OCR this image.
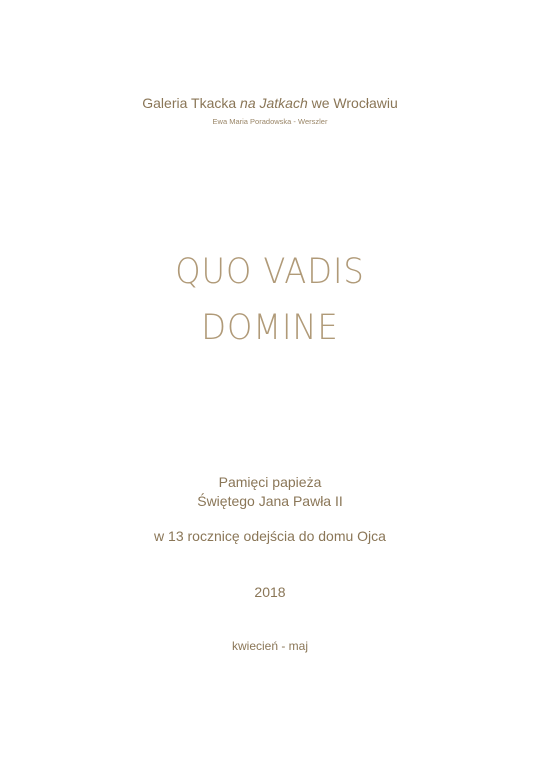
Galeria Tkacka na Jatkach we Wrocławiu
Ewa Maria Poradowska - Werszler
QUO VADIS
DOMINE
Pamięci papieża
Świętego Jana Pawła II
w 13 rocznicę odejścia do domu Ojca
2018
kwiecień - maj
